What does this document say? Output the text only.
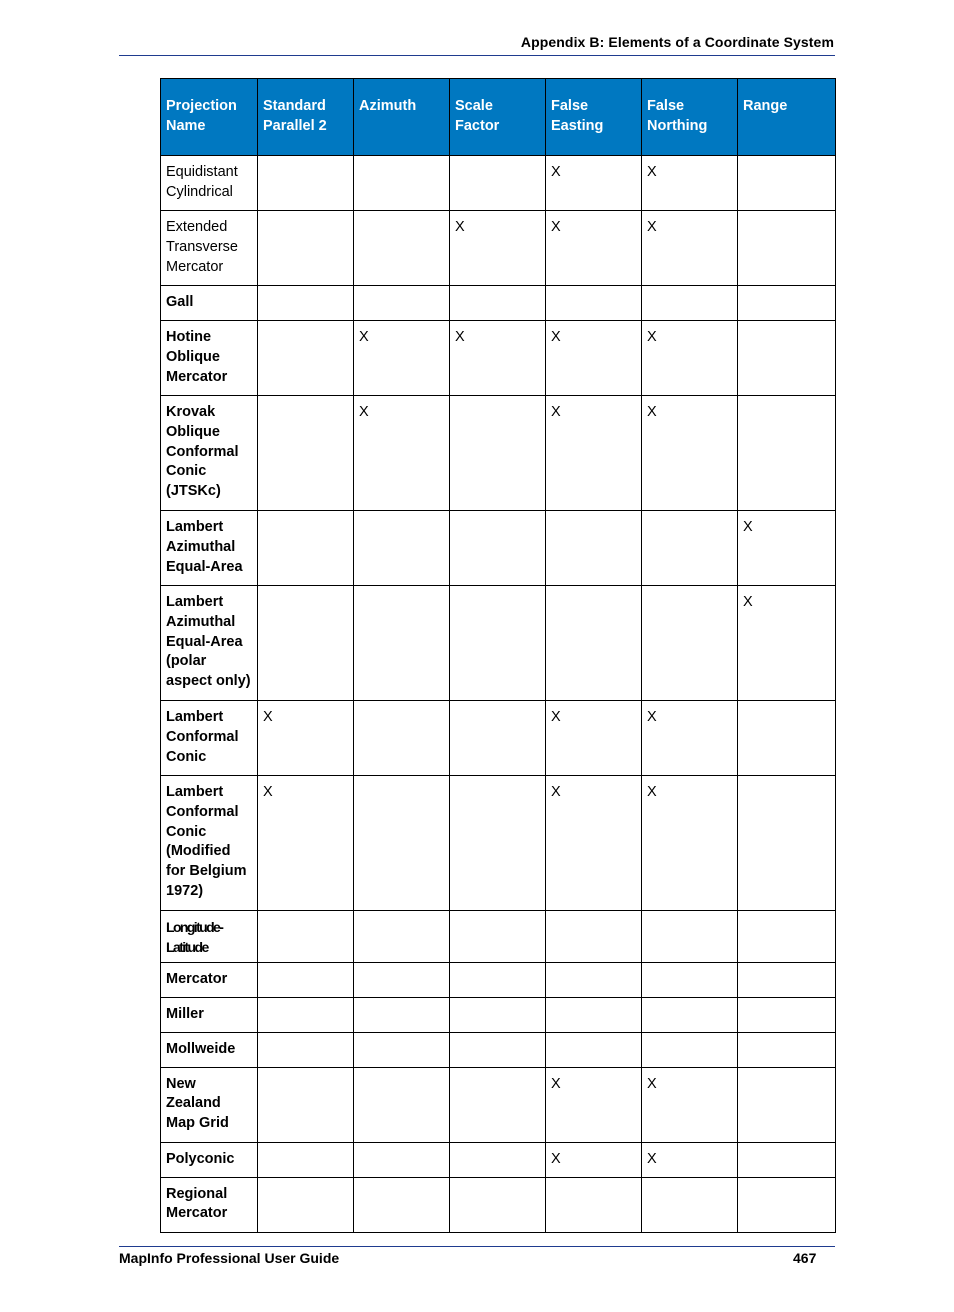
Appendix B: Elements of a Coordinate System
Projection Name	Standard Parallel 2	Azimuth	Scale Factor	False Easting	False Northing	Range
Equidistant Cylindrical				X	X	
Extended Transverse Mercator			X	X	X	
Gall						
Hotine Oblique Mercator		X	X	X	X	
Krovak Oblique Conformal Conic (JTSKc)		X		X	X	
Lambert Azimuthal Equal-Area						X
Lambert Azimuthal Equal-Area (polar aspect only)						X
Lambert Conformal Conic	X			X	X	
Lambert Conformal Conic (Modified for Belgium 1972)	X			X	X	
Longitude-Latitude						
Mercator						
Miller						
Mollweide						
New Zealand Map Grid				X	X	
Polyconic				X	X	
Regional Mercator						
MapInfo Professional User Guide	467
